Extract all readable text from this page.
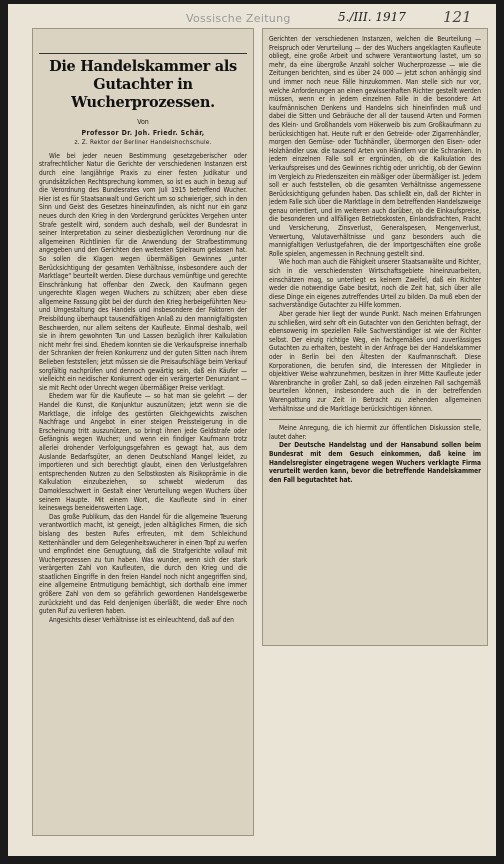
Vossische Zeitung	5./III. 1917 121
Die Handelskammer als Gutachter in Wucherprozessen.
Von
Professor Dr. Joh. Friedr. Schär,
z. Z. Rektor der Berliner Handelshochschule.

Wie bei jeder neuen Bestimmung gesetzgeberischer oder strafrechtlicher Natur die Gerichte der verschiedenen Instanzen erst durch eine langjährige Praxis zu einer festen Judikatur und grundsätzlichen Rechtsprechung kommen, so ist es auch in bezug auf die Verordnung des Bundesrates vom Juli 1915 betreffend Wucher. Hier ist es für Staatsanwalt und Gericht um so schwieriger, sich in den Sinn und Geist des Gesetzes hineinzufinden, als nicht nur ein ganz neues durch den Krieg in den Vordergrund gerücktes Vergehen unter Strafe gestellt wird, sondern auch deshalb, weil der Bundesrat in seiner Interpretation zu seiner diesbezüglichen Verordnung nur die allgemeinen Richtlinien für die Anwendung der Strafbestimmung angegeben und den Gerichten den weitesten Spielraum gelassen hat. So sollen die Klagen wegen übermäßigen Gewinnes „unter Berücksichtigung der gesamten Verhältnisse, insbesondere auch der Marktlage“ beurteilt werden. Diese durchaus vernünftige und gerechte Einschränkung hat offenbar den Zweck, den Kaufmann gegen ungerechte Klagen wegen Wuchers zu schützen; aber eben diese allgemeine Fassung gibt bei der durch den Krieg herbeigeführten Neu- und Umgestaltung des Handels und insbesondere der Faktoren der Preisbildung überhaupt tausendfältigen Anlaß zu den mannigfaltigsten Beschwerden, nur allem seitens der Kaufleute. Einmal deshalb, weil sie in ihrem gewohnten Tun und Lassen bezüglich ihrer Kalkulation nicht mehr frei sind. Ehedem konnten sie die Verkaufspreise innerhalb der Schranken der freien Konkurrenz und der guten Sitten nach ihrem Belieben feststellen; jetzt müssen sie die Preisaufschläge beim Verkauf sorgfältig nachprüfen und dennoch gewärtig sein, daß ein Käufer — vielleicht ein neidischer Konkurrent oder ein verärgerter Denunziant — sie mit Recht oder Unrecht wegen übermäßiger Preise verklagt.

Ehedem war für die Kaufleute — so hat man sie gelehrt — der Handel die Kunst, die Konjunktur auszunützen; jetzt wenn sie die Marktlage, die infolge des gestörten Gleichgewichts zwischen Nachfrage und Angebot in einer steigen Preissteigerung in die Erscheinung tritt auszunützen, so bringt ihnen jede Geldstrafe oder Gefängnis wegen Wucher; und wenn ein findiger Kaufmann trotz allerlei drohender Verfolgungsgefahren es gewagt hat, aus dem Auslande Bedarfsgüter, an denen Deutschland Mangel leidet, zu importieren und sich berechtigt glaubt, einen den Verlustgefahren entsprechenden Nutzen zu den Selbstkosten als Risikoprämie in die Kalkulation einzubeziehen, so schwebt wiederum das Damoklesschwert in Gestalt einer Verurteilung wegen Wuchers über seinem Haupte. Mit einem Wort, die Kaufleute sind in einer keineswegs beneidenswerten Lage.

Das große Publikum, das den Handel für die allgemeine Teuerung verantwortlich macht, ist geneigt, jeden alltägliches Firmen, die sich bislang des besten Rufes erfreuten, mit dem Schleichund Kettenhändler und dem Gelegenheitswucherer in einen Topf zu werfen und empfindet eine Genugtuung, daß die Strafgerichte vollauf mit Wucherprozessen zu tun haben. Was wunder, wenn sich der stark verärgerten Zahl von Kaufleuten, die durch den Krieg und die staatlichen Eingriffe in den freien Handel noch nicht angegriffen sind, eine allgemeine Entmutigung bemächtigt, sich dorthalb eine immer größere Zahl von dem so gefährlich gewordenen Handelsgewerbe zurückzieht und das Feld denjenigen überläßt, die weder Ehre noch guten Ruf zu verlieren haben.

Angesichts dieser Verhältnisse ist es einleuchtend, daß auf den

Gerichten der verschiedenen Instanzen, welchen die Beurteilung — Freispruch oder Verurteilung — der des Wuchers angeklagten Kaufleute obliegt, eine große Arbeit und schwere Verantwortung lastet, um so mehr, da eine übergroße Anzahl solcher Wucherprozesse — wie die Zeitungen berichten, sind es über 24 000 — jetzt schon anhängig sind und immer noch neue Fälle hinzukommen. Man stelle sich nur vor, welche Anforderungen an einen gewissenhaften Richter gestellt werden müssen, wenn er in jedem einzelnen Falle in die besondere Art kaufmännischen Denkens und Handelns sich hineinfinden muß und dabei die Sitten und Gebräuche der all der tausend Arten und Formen des Klein- und Großhandels vom Hökerweib bis zum Großkaufmann zu berücksichtigen hat. Heute ruft er den Getreide- oder Zigarrenhändler, morgen den Gemüse- oder Tuchhändler, übermorgen den Eisen- oder Holzhändler usw. die tausend Arten von Händlern vor die Schranken. In jedem einzelnen Falle soll er ergründen, ob die Kalkulation des Verkaufspreises und des Gewinnes richtig oder unrichtig, ob der Gewinn im Vergleich zu Friedenszeiten ein mäßiger oder übermäßiger ist. Jedem soll er auch feststellen, ob die gesamten Verhältnisse angemessene Berücksichtigung gefunden haben. Das schließt ein, daß der Richter in jedem Falle sich über die Marktlage in dem betreffenden Handelszweige genau orientiert, und im weiteren auch darüber, ob die Einkaufspreise, die besonderen und allfälligen Betriebskosten, Einlandsfrachten, Fracht und Versicherung, Zinsverlust, Generalspesen, Mengenverlust, Verwertung, Valutaverhältnisse und ganz besonders auch die mannigfaltigen Verlustgefahren, die der Importgeschäften eine große Rolle spielen, angemessen in Rechnung gestellt sind.

Wie hoch man auch die Fähigkeit unserer Staatsanwälte und Richter, sich in die verschiedensten Wirtschaftsgebiete hineinzuarbeiten, einschätzen mag, so unterliegt es keinem Zweifel, daß ein Richter weder die notwendige Gabe besitzt, noch die Zeit hat, sich über alle diese Dinge ein eigenes zutreffendes Urteil zu bilden. Da muß eben der sachverständige Gutachter zu Hilfe kommen.

Aber gerade hier liegt der wunde Punkt. Nach meinen Erfahrungen zu schließen, wird sehr oft ein Gutachter von den Gerichten befragt, der ebensowenig im speziellen Falle Sachverständiger ist wie der Richter selbst. Der einzig richtige Weg, ein fachgemäßes und zuverlässiges Gutachten zu erhalten, besteht in der Anfrage bei der Handelskammer oder in Berlin bei den Ältesten der Kaufmannschaft. Diese Korporationen, die berufen sind, die Interessen der Mitglieder in objektiver Weise wahrzunehmen, besitzen in ihrer Mitte Kaufleute jeder Warenbranche in großer Zahl, so daß jeden einzelnen Fall sachgemäß beurteilen können, insbesondere auch die in der betreffenden Warengattung zur Zeit in Betracht zu ziehenden allgemeinen Verhältnisse und die Marktlage berücksichtigen können.

Meine Anregung, die ich hiermit zur öffentlichen Diskussion stelle, lautet daher:

Der Deutsche Handelstag und der Hansabund sollen beim Bundesrat mit dem Gesuch einkommen, daß keine im Handelsregister eingetragene wegen Wuchers verklagte Firma verurteilt werden kann, bevor die betreffende Handelskammer den Fall begutachtet hat.
